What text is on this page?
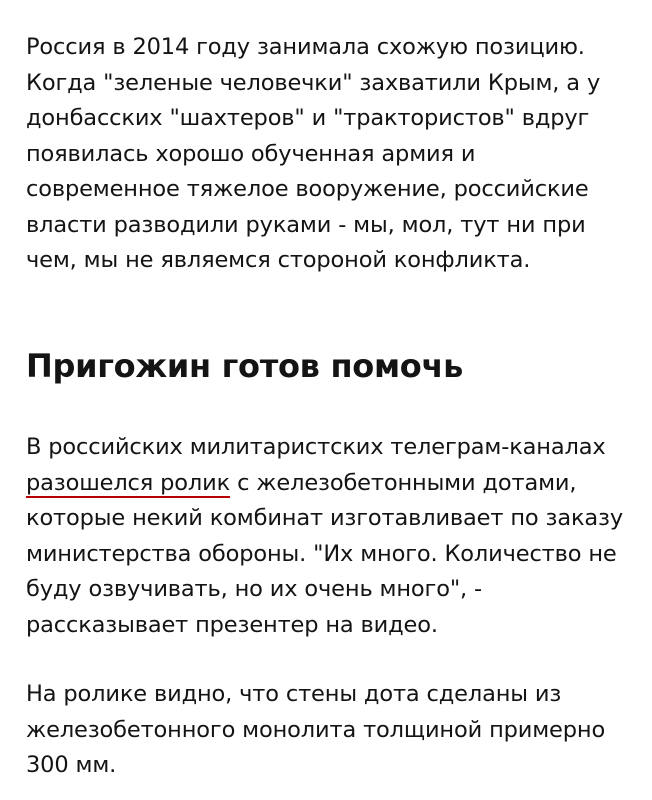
Россия в 2014 году занимала схожую позицию. Когда "зеленые человечки" захватили Крым, а у донбасских "шахтеров" и "трактористов" вдруг появилась хорошо обученная армия и современное тяжелое вооружение, российские власти разводили руками - мы, мол, тут ни при чем, мы не являемся стороной конфликта.

Пригожин готов помочь

В российских милитаристских телеграм-каналах разошелся ролик с железобетонными дотами, которые некий комбинат изготавливает по заказу министерства обороны. "Их много. Количество не буду озвучивать, но их очень много", - рассказывает презентер на видео.

На ролике видно, что стены дота сделаны из железобетонного монолита толщиной примерно 300 мм.
